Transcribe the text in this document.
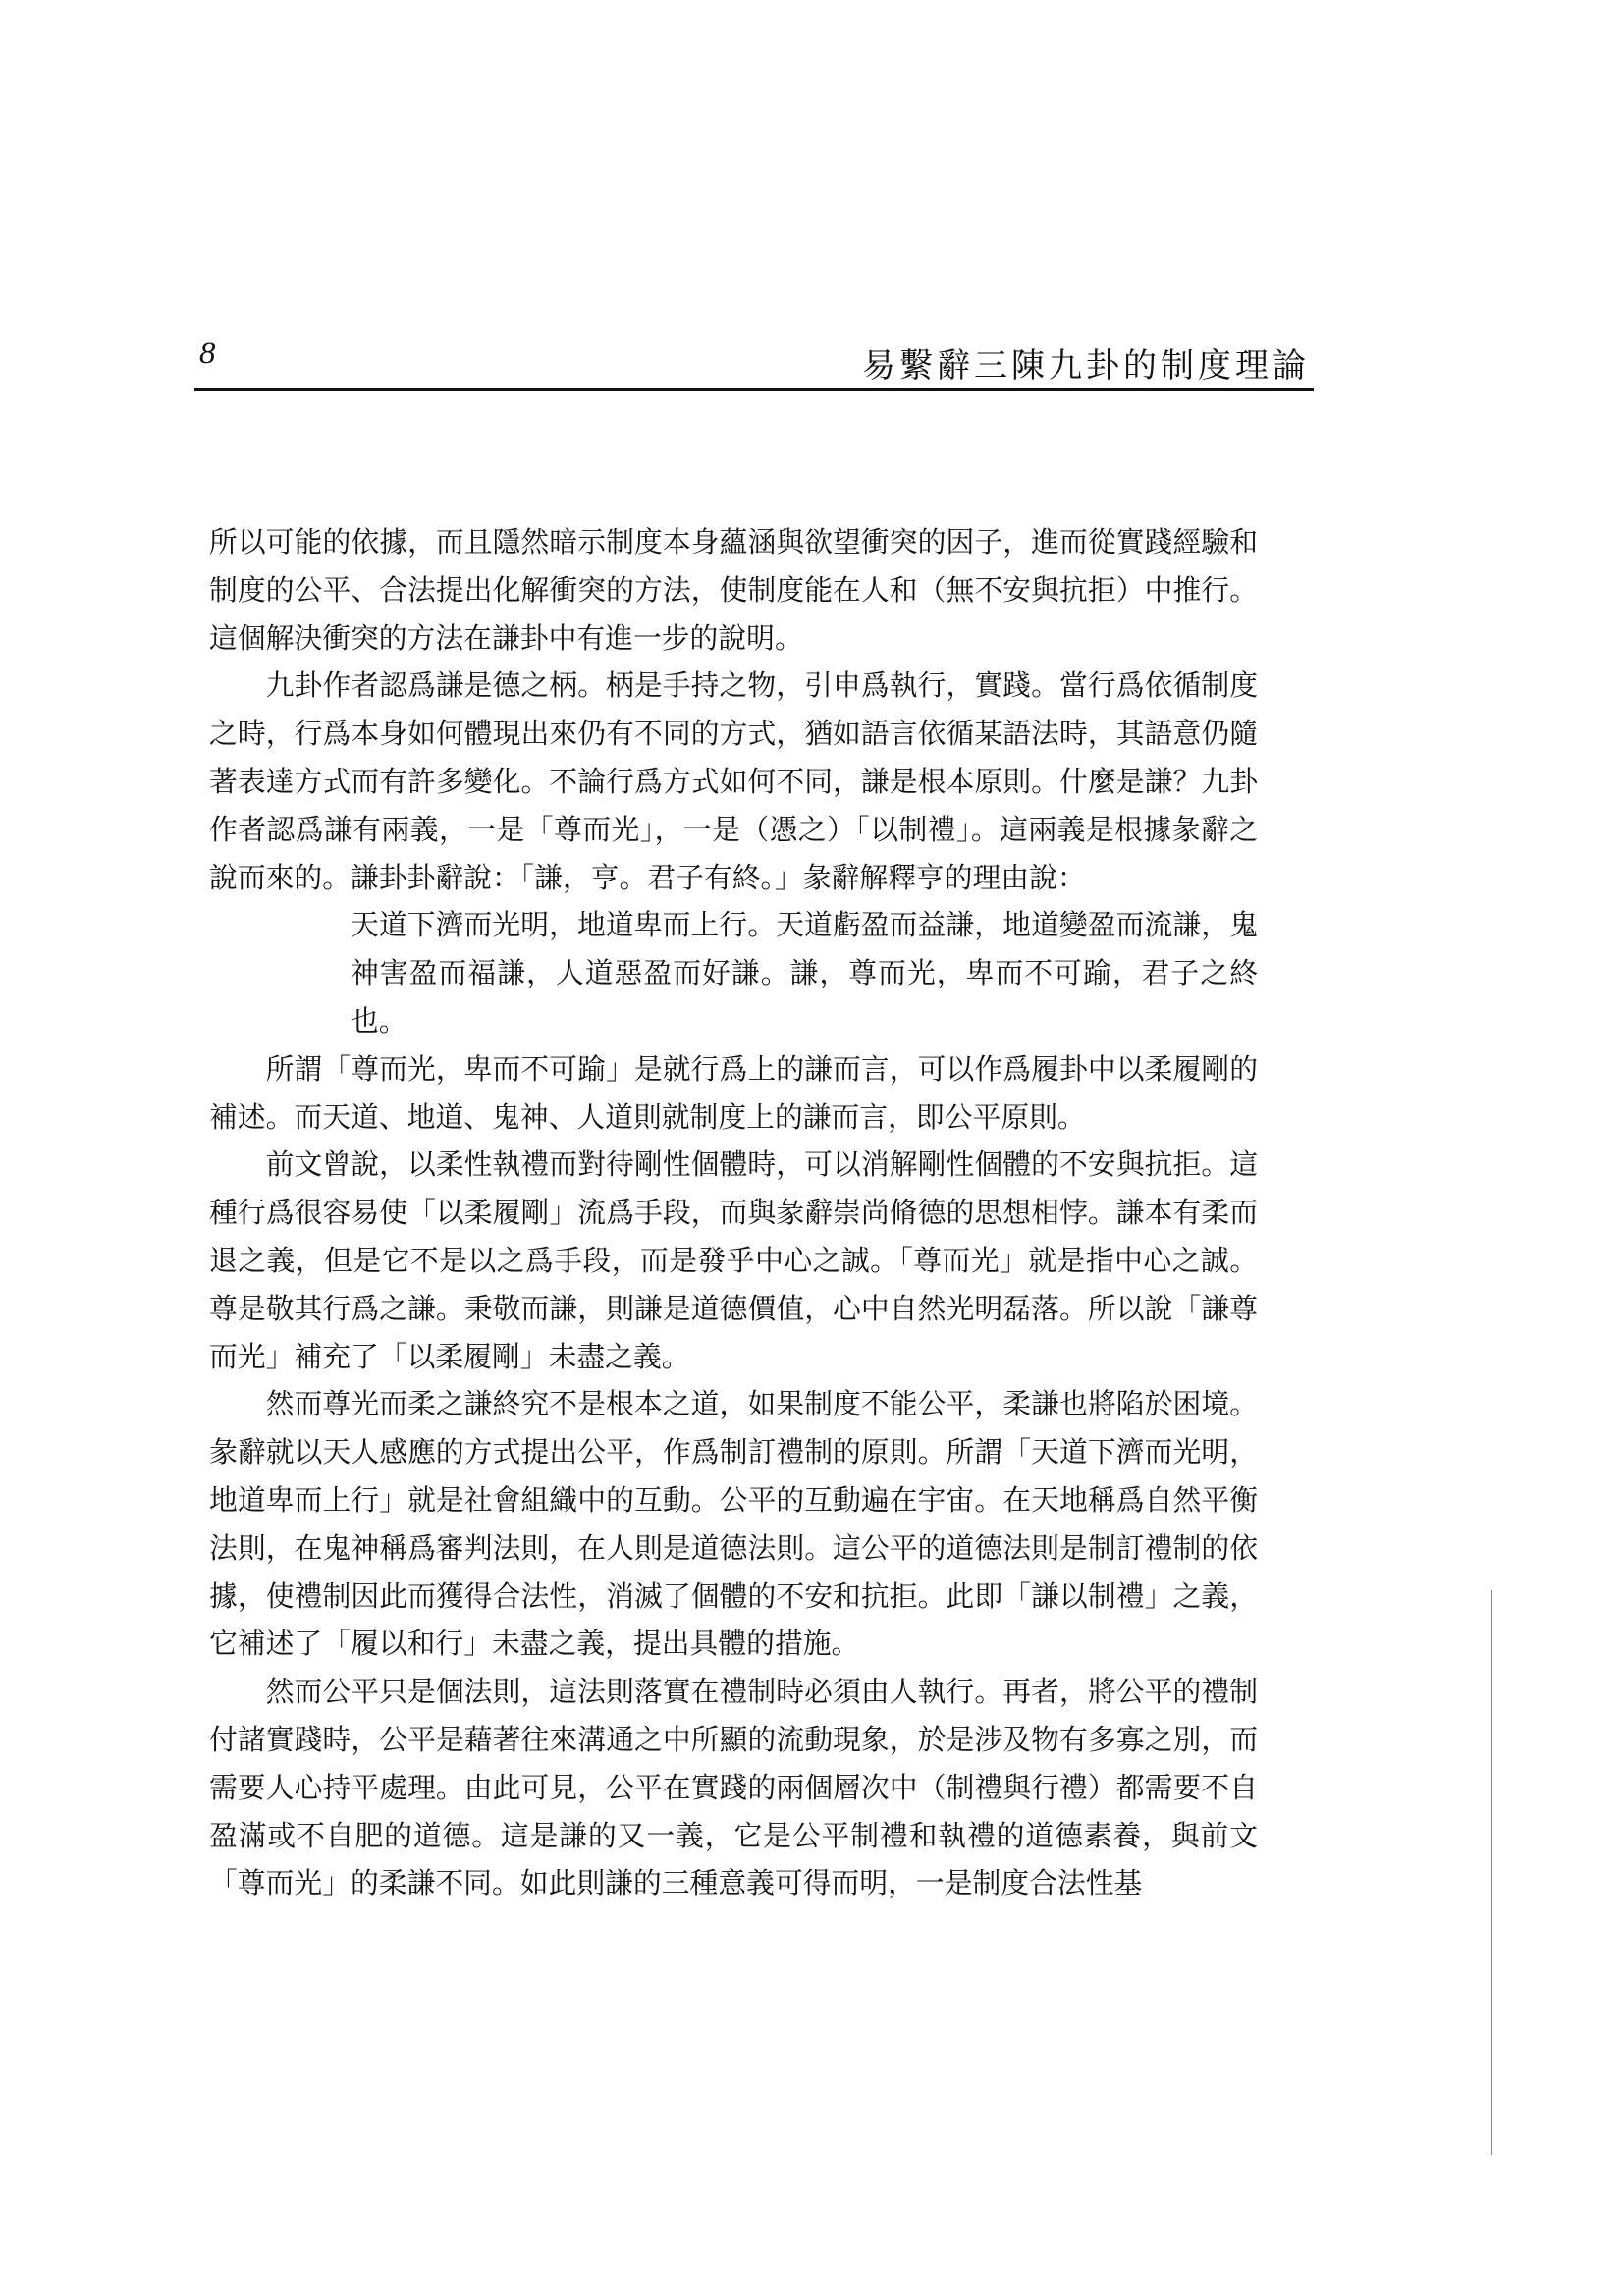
8	易繫辭三陳九卦的制度理論

所以可能的依據，而且隱然暗示制度本身蘊涵與欲望衝突的因子，進而從實踐經驗和制度的公平、合法提出化解衝突的方法，使制度能在人和（無不安與抗拒）中推行。這個解決衝突的方法在謙卦中有進一步的說明。

九卦作者認爲謙是德之柄。柄是手持之物，引申爲執行，實踐。當行爲依循制度之時，行爲本身如何體現出來仍有不同的方式，猶如語言依循某語法時，其語意仍隨著表達方式而有許多變化。不論行爲方式如何不同，謙是根本原則。什麼是謙？九卦作者認爲謙有兩義，一是「尊而光」，一是（憑之）「以制禮」。這兩義是根據彖辭之說而來的。謙卦卦辭說：「謙，亨。君子有終。」彖辭解釋亨的理由說：

天道下濟而光明，地道卑而上行。天道虧盈而益謙，地道變盈而流謙，鬼神害盈而福謙，人道惡盈而好謙。謙，尊而光，卑而不可踰，君子之終也。

所謂「尊而光，卑而不可踰」是就行爲上的謙而言，可以作爲履卦中以柔履剛的補述。而天道、地道、鬼神、人道則就制度上的謙而言，即公平原則。

前文曾說，以柔性執禮而對待剛性個體時，可以消解剛性個體的不安與抗拒。這種行爲很容易使「以柔履剛」流爲手段，而與彖辭崇尚脩德的思想相悖。謙本有柔而退之義，但是它不是以之爲手段，而是發乎中心之誠。「尊而光」就是指中心之誠。尊是敬其行爲之謙。秉敬而謙，則謙是道德價值，心中自然光明磊落。所以說「謙尊而光」補充了「以柔履剛」未盡之義。

然而尊光而柔之謙終究不是根本之道，如果制度不能公平，柔謙也將陷於困境。彖辭就以天人感應的方式提出公平，作爲制訂禮制的原則。所謂「天道下濟而光明，地道卑而上行」就是社會組織中的互動。公平的互動遍在宇宙。在天地稱爲自然平衡法則，在鬼神稱爲審判法則，在人則是道德法則。這公平的道德法則是制訂禮制的依據，使禮制因此而獲得合法性，消滅了個體的不安和抗拒。此即「謙以制禮」之義，它補述了「履以和行」未盡之義，提出具體的措施。

然而公平只是個法則，這法則落實在禮制時必須由人執行。再者，將公平的禮制付諸實踐時，公平是藉著往來溝通之中所顯的流動現象，於是涉及物有多寡之別，而需要人心持平處理。由此可見，公平在實踐的兩個層次中（制禮與行禮）都需要不自盈滿或不自肥的道德。這是謙的又一義，它是公平制禮和執禮的道德素養，與前文「尊而光」的柔謙不同。如此則謙的三種意義可得而明，一是制度合法性基
